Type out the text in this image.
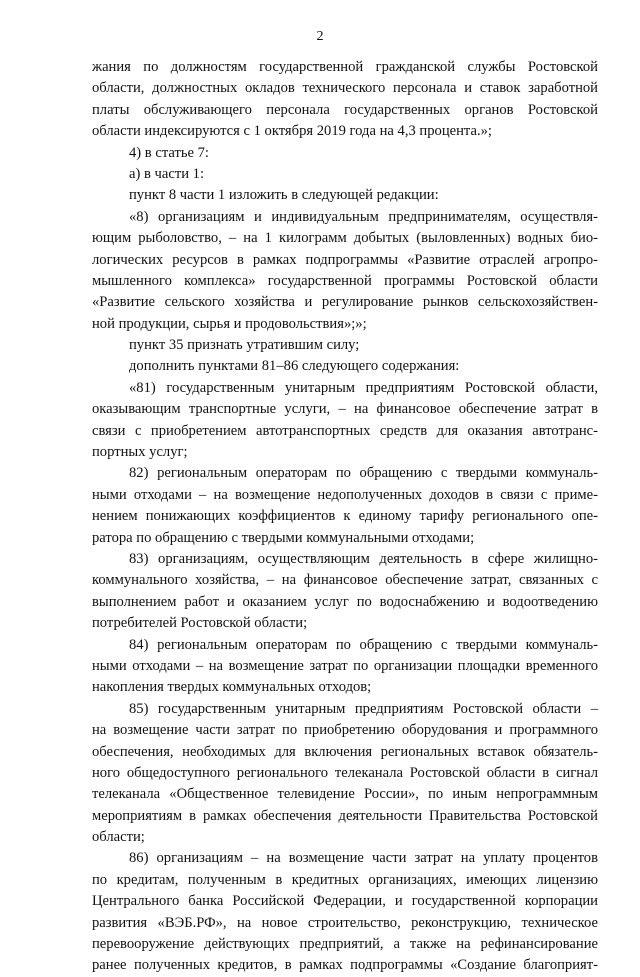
2
жания по должностям государственной гражданской службы Ростовской
области, должностных окладов технического персонала и ставок заработной
платы обслуживающего персонала государственных органов Ростовской
области индексируются с 1 октября 2019 года на 4,3 процента.»;
4) в статье 7:
а) в части 1:
пункт 8 части 1 изложить в следующей редакции:
«8) организациям и индивидуальным предпринимателям, осуществля-
ющим рыболовство, – на 1 килограмм добытых (выловленных) водных био-
логических ресурсов в рамках подпрограммы «Развитие отраслей агропро-
мышленного комплекса» государственной программы Ростовской области
«Развитие сельского хозяйства и регулирование рынков сельскохозяйствен-
ной продукции, сырья и продовольствия»;»;
пункт 35 признать утратившим силу;
дополнить пунктами 81–86 следующего содержания:
«81) государственным унитарным предприятиям Ростовской области,
оказывающим транспортные услуги, – на финансовое обеспечение затрат в
связи с приобретением автотранспортных средств для оказания автотранс-
портных услуг;
82) региональным операторам по обращению с твердыми коммуналь-
ными отходами – на возмещение недополученных доходов в связи с приме-
нением понижающих коэффициентов к единому тарифу регионального опе-
ратора по обращению с твердыми коммунальными отходами;
83) организациям, осуществляющим деятельность в сфере жилищно-
коммунального хозяйства, – на финансовое обеспечение затрат, связанных с
выполнением работ и оказанием услуг по водоснабжению и водоотведению
потребителей Ростовской области;
84) региональным операторам по обращению с твердыми коммуналь-
ными отходами – на возмещение затрат по организации площадки временного
накопления твердых коммунальных отходов;
85) государственным унитарным предприятиям Ростовской области –
на возмещение части затрат по приобретению оборудования и программного
обеспечения, необходимых для включения региональных вставок обязатель-
ного общедоступного регионального телеканала Ростовской области в сигнал
телеканала «Общественное телевидение России», по иным непрограммным
мероприятиям в рамках обеспечения деятельности Правительства Ростовской
области;
86) организациям – на возмещение части затрат на уплату процентов
по кредитам, полученным в кредитных организациях, имеющих лицензию
Центрального банка Российской Федерации, и государственной корпорации
развития «ВЭБ.РФ», на новое строительство, реконструкцию, техническое
перевооружение действующих предприятий, а также на рефинансирование
ранее полученных кредитов, в рамках подпрограммы «Создание благоприят-
